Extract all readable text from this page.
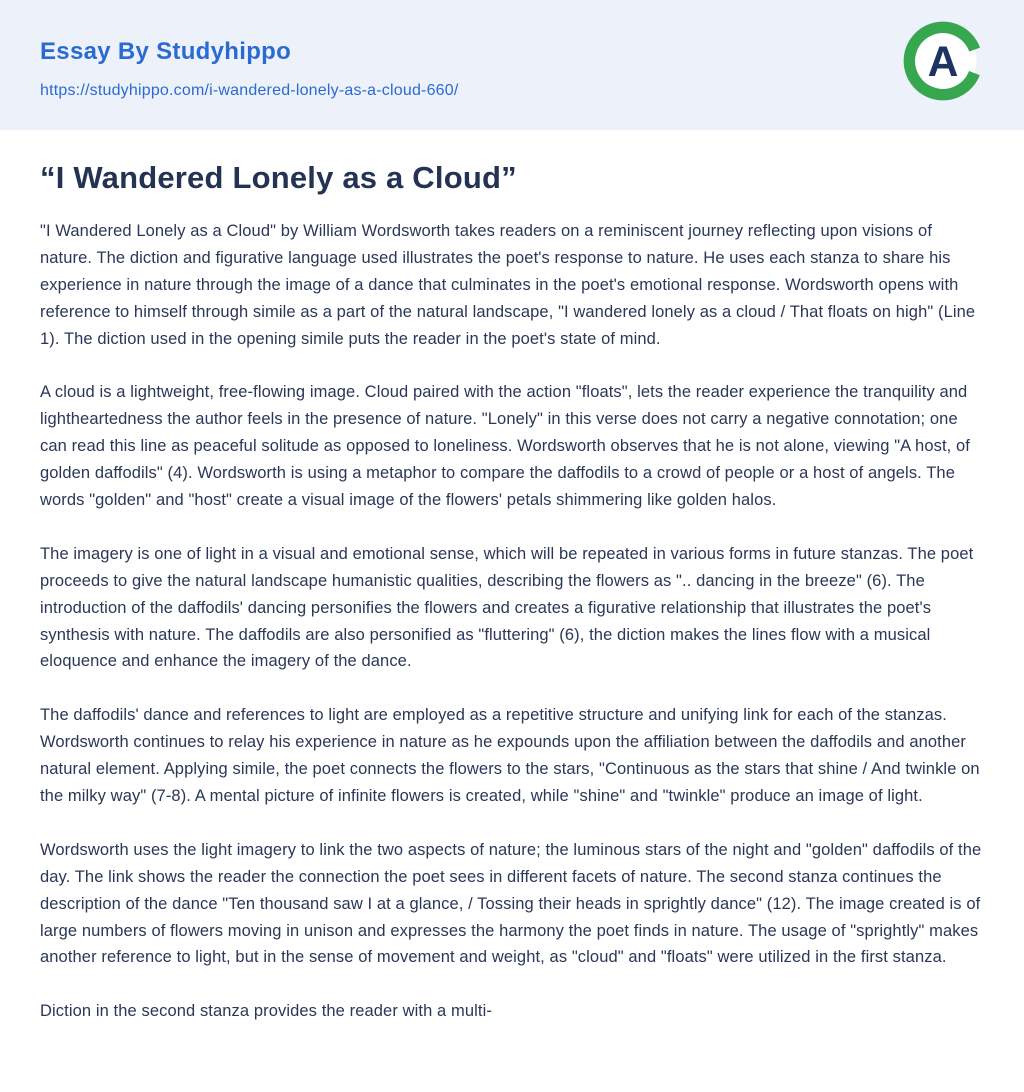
Essay By Studyhippo
https://studyhippo.com/i-wandered-lonely-as-a-cloud-660/
A
“I Wandered Lonely as a Cloud”

"I Wandered Lonely as a Cloud" by William Wordsworth takes readers on a reminiscent journey reflecting upon visions of nature. The diction and figurative language used illustrates the poet's response to nature. He uses each stanza to share his experience in nature through the image of a dance that culminates in the poet's emotional response. Wordsworth opens with reference to himself through simile as a part of the natural landscape, "I wandered lonely as a cloud / That floats on high" (Line 1). The diction used in the opening simile puts the reader in the poet's state of mind.

A cloud is a lightweight, free-flowing image. Cloud paired with the action "floats", lets the reader experience the tranquility and lightheartedness the author feels in the presence of nature. "Lonely" in this verse does not carry a negative connotation; one can read this line as peaceful solitude as opposed to loneliness. Wordsworth observes that he is not alone, viewing "A host, of golden daffodils" (4). Wordsworth is using a metaphor to compare the daffodils to a crowd of people or a host of angels. The words "golden" and "host" create a visual image of the flowers' petals shimmering like golden halos.

The imagery is one of light in a visual and emotional sense, which will be repeated in various forms in future stanzas. The poet proceeds to give the natural landscape humanistic qualities, describing the flowers as ".. dancing in the breeze" (6). The introduction of the daffodils' dancing personifies the flowers and creates a figurative relationship that illustrates the poet's synthesis with nature. The daffodils are also personified as "fluttering" (6), the diction makes the lines flow with a musical eloquence and enhance the imagery of the dance.

The daffodils' dance and references to light are employed as a repetitive structure and unifying link for each of the stanzas. Wordsworth continues to relay his experience in nature as he expounds upon the affiliation between the daffodils and another natural element. Applying simile, the poet connects the flowers to the stars, "Continuous as the stars that shine / And twinkle on the milky way" (7-8). A mental picture of infinite flowers is created, while "shine" and "twinkle" produce an image of light.

Wordsworth uses the light imagery to link the two aspects of nature; the luminous stars of the night and "golden" daffodils of the day. The link shows the reader the connection the poet sees in different facets of nature. The second stanza continues the description of the dance "Ten thousand saw I at a glance, / Tossing their heads in sprightly dance" (12). The image created is of large numbers of flowers moving in unison and expresses the harmony the poet finds in nature. The usage of "sprightly" makes another reference to light, but in the sense of movement and weight, as "cloud" and "floats" were utilized in the first stanza.

Diction in the second stanza provides the reader with a multi-
